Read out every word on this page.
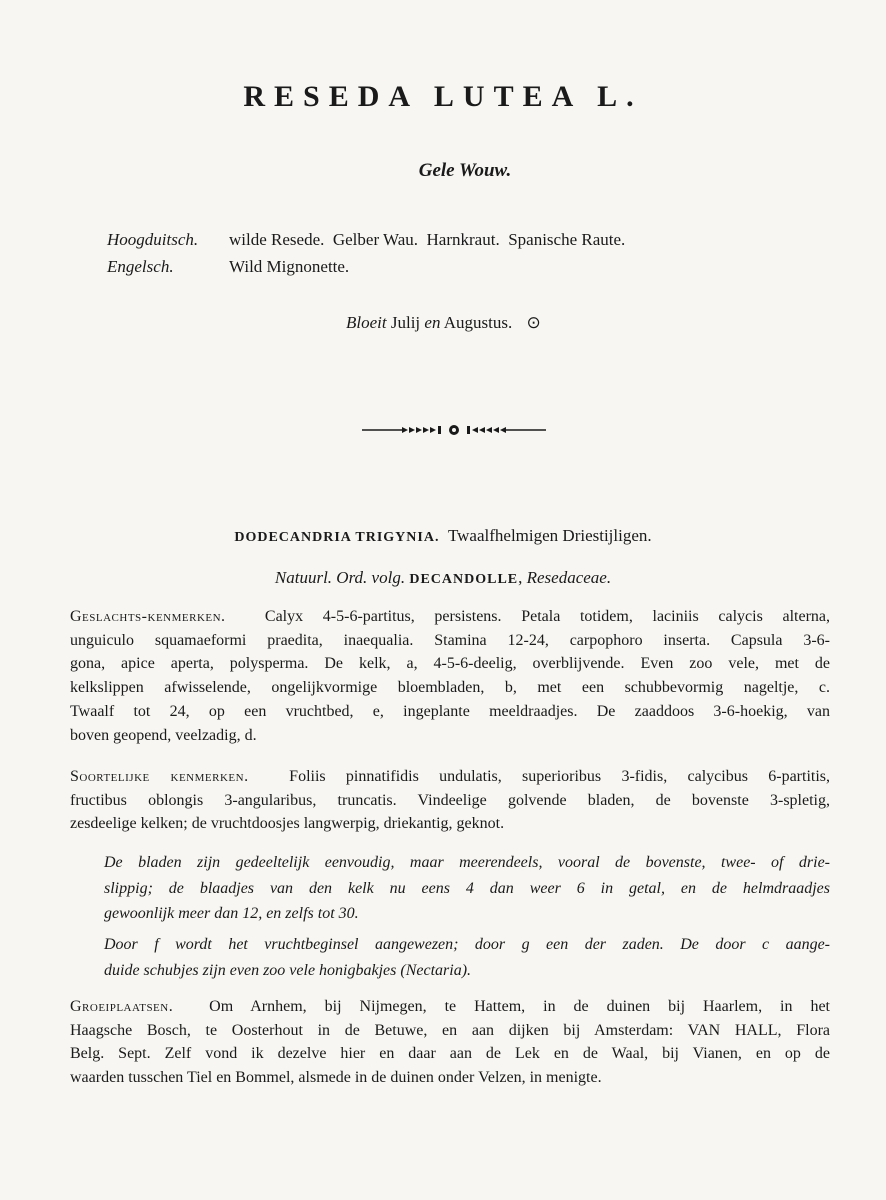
RESEDA LUTEA L.
Gele Wouw.
Hoogduitsch.	wilde Resede.  Gelber Wau.  Harnkraut.  Spanische Raute.
Engelsch.	Wild Mignonette.
Bloeit Julij en Augustus. ⊙
DODECANDRIA TRIGYNIA. Twaalfhelmigen Driestijligen.
Natuurl. Ord. volg. DECANDOLLE, Resedaceae.
Geslachts-kenmerken. Calyx 4-5-6-partitus, persistens. Petala totidem, laciniis calycis alterna,
unguiculo squamaeformi praedita, inaequalia. Stamina 12-24, carpophoro inserta. Capsula 3-6-
gona, apice aperta, polysperma. De kelk, a, 4-5-6-deelig, overblijvende. Even zoo vele, met de
kelkslippen afwisselende, ongelijkvormige bloembladen, b, met een schubbevormig nageltje, c.
Twaalf tot 24, op een vruchtbed, e, ingeplante meeldraadjes. De zaaddoos 3-6-hoekig, van
boven geopend, veelzadig, d.
Soortelijke kenmerken.	Foliis pinnatifidis undulatis, superioribus 3-fidis, calycibus 6-partitis,
fructibus oblongis 3-angularibus, truncatis. Vindeelige golvende bladen, de bovenste 3-spletig,
zesdeelige kelken; de vruchtdoosjes langwerpig, driekantig, geknot.
De bladen zijn gedeeltelijk eenvoudig, maar meerendeels, vooral de bovenste, twee- of drie-
slippig; de blaadjes van den kelk nu eens 4 dan weer 6 in getal, en de helmdraadjes
gewoonlijk meer dan 12, en zelfs tot 30.
Door f wordt het vruchtbeginsel aangewezen; door g een der zaden. De door c aange-
duide schubjes zijn even zoo vele honigbakjes (Nectaria).
Groeiplaatsen. Om Arnhem, bij Nijmegen, te Hattem, in de duinen bij Haarlem, in het
Haagsche Bosch, te Oosterhout in de Betuwe, en aan dijken bij Amsterdam: VAN HALL, Flora
Belg. Sept. Zelf vond ik dezelve hier en daar aan de Lek en de Waal, bij Vianen, en op de
waarden tusschen Tiel en Bommel, alsmede in de duinen onder Velzen, in menigte.
